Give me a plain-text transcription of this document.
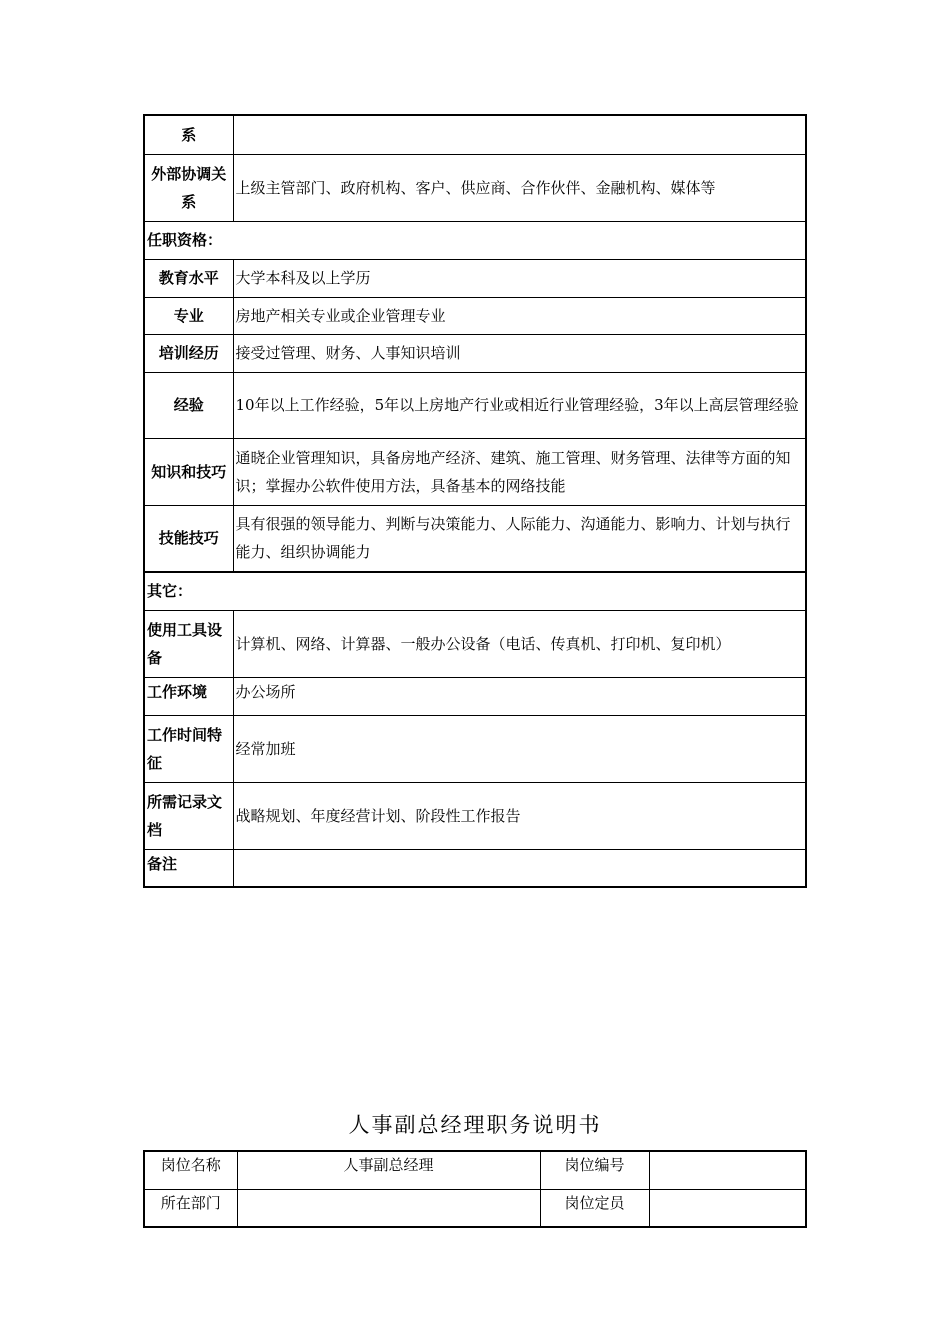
系	
外部协调关系	上级主管部门、政府机构、客户、供应商、合作伙伴、金融机构、媒体等
任职资格：	
教育水平	大学本科及以上学历
专业	房地产相关专业或企业管理专业
培训经历	接受过管理、财务、人事知识培训
经验	10年以上工作经验，5年以上房地产行业或相近行业管理经验，3年以上高层管理经验
知识和技巧	通晓企业管理知识，具备房地产经济、建筑、施工管理、财务管理、法律等方面的知识；掌握办公软件使用方法，具备基本的网络技能
技能技巧	具有很强的领导能力、判断与决策能力、人际能力、沟通能力、影响力、计划与执行能力、组织协调能力
其它：	
使用工具设备	计算机、网络、计算器、一般办公设备（电话、传真机、打印机、复印机）
工作环境	办公场所
工作时间特征	经常加班
所需记录文档	战略规划、年度经营计划、阶段性工作报告
备注	
人事副总经理职务说明书
岗位名称	人事副总经理	岗位编号	
所在部门		岗位定员	
